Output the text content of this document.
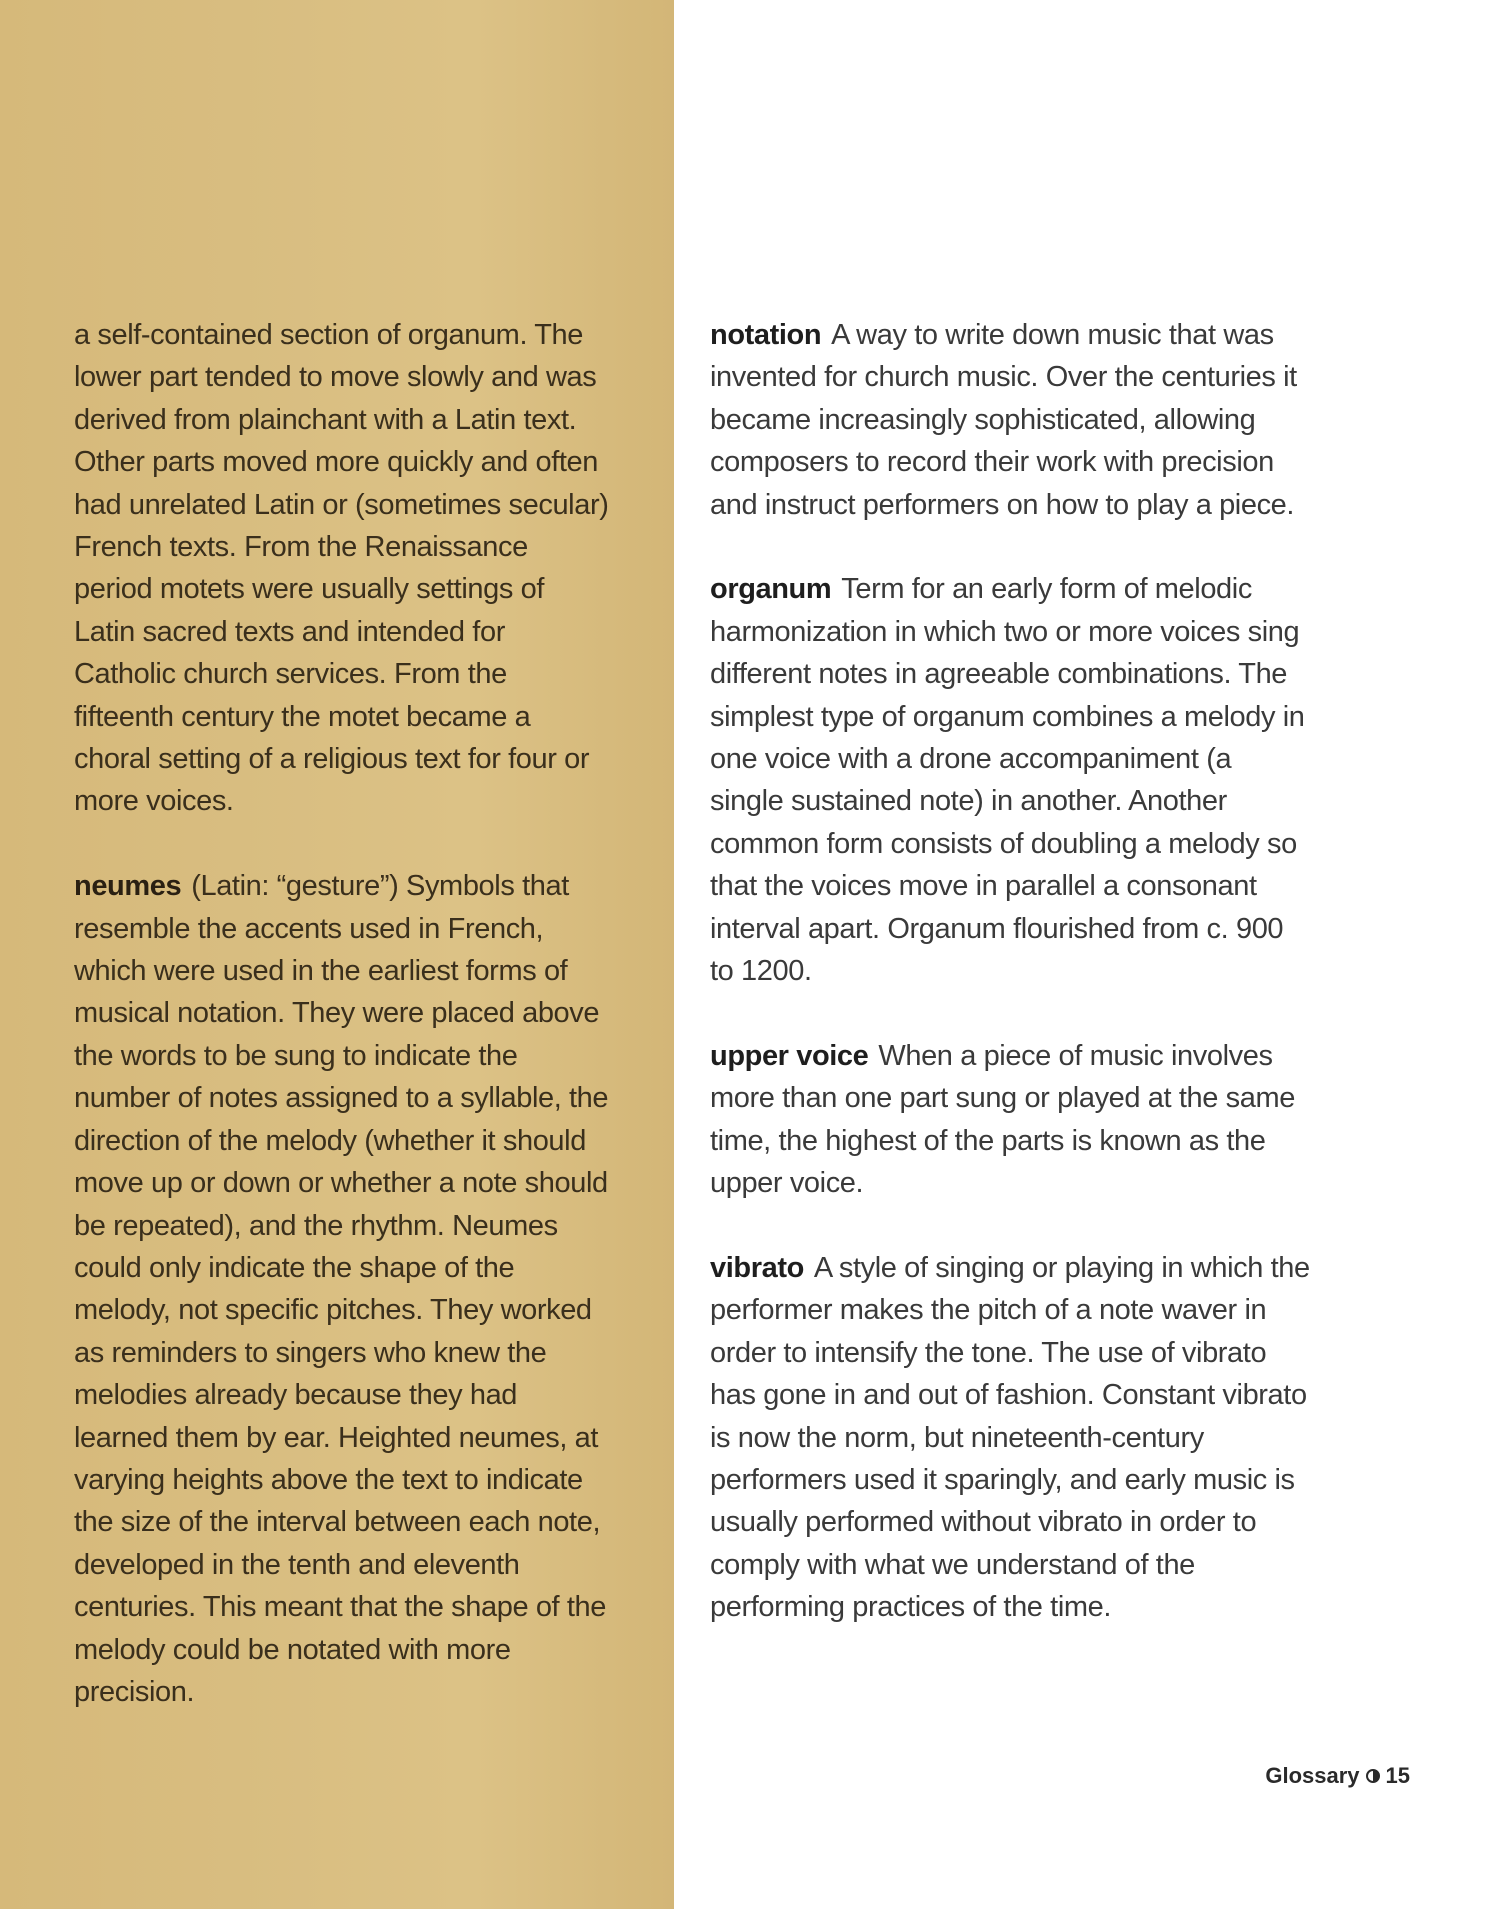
a self-contained section of organum. The lower part tended to move slowly and was derived from plainchant with a Latin text. Other parts moved more quickly and often had unrelated Latin or (sometimes secular) French texts. From the Renaissance period motets were usually settings of Latin sacred texts and intended for Catholic church services. From the fifteenth century the motet became a choral setting of a religious text for four or more voices.

neumes (Latin: “gesture”) Symbols that resemble the accents used in French, which were used in the earliest forms of musical notation. They were placed above the words to be sung to indicate the number of notes assigned to a syllable, the direction of the melody (whether it should move up or down or whether a note should be repeated), and the rhythm. Neumes could only indicate the shape of the melody, not specific pitches. They worked as reminders to singers who knew the melodies already because they had learned them by ear. Heighted neumes, at varying heights above the text to indicate the size of the interval between each note, developed in the tenth and eleventh centuries. This meant that the shape of the melody could be notated with more precision.

notation A way to write down music that was invented for church music. Over the centuries it became increasingly sophisticated, allowing composers to record their work with precision and instruct performers on how to play a piece.

organum Term for an early form of melodic harmonization in which two or more voices sing different notes in agreeable combinations. The simplest type of organum combines a melody in one voice with a drone accompaniment (a single sustained note) in another. Another common form consists of doubling a melody so that the voices move in parallel a consonant interval apart. Organum flourished from c. 900 to 1200.

upper voice When a piece of music involves more than one part sung or played at the same time, the highest of the parts is known as the upper voice.

vibrato A style of singing or playing in which the performer makes the pitch of a note waver in order to intensify the tone. The use of vibrato has gone in and out of fashion. Constant vibrato is now the norm, but nineteenth-century performers used it sparingly, and early music is usually performed without vibrato in order to comply with what we understand of the performing practices of the time.

Glossary 15
